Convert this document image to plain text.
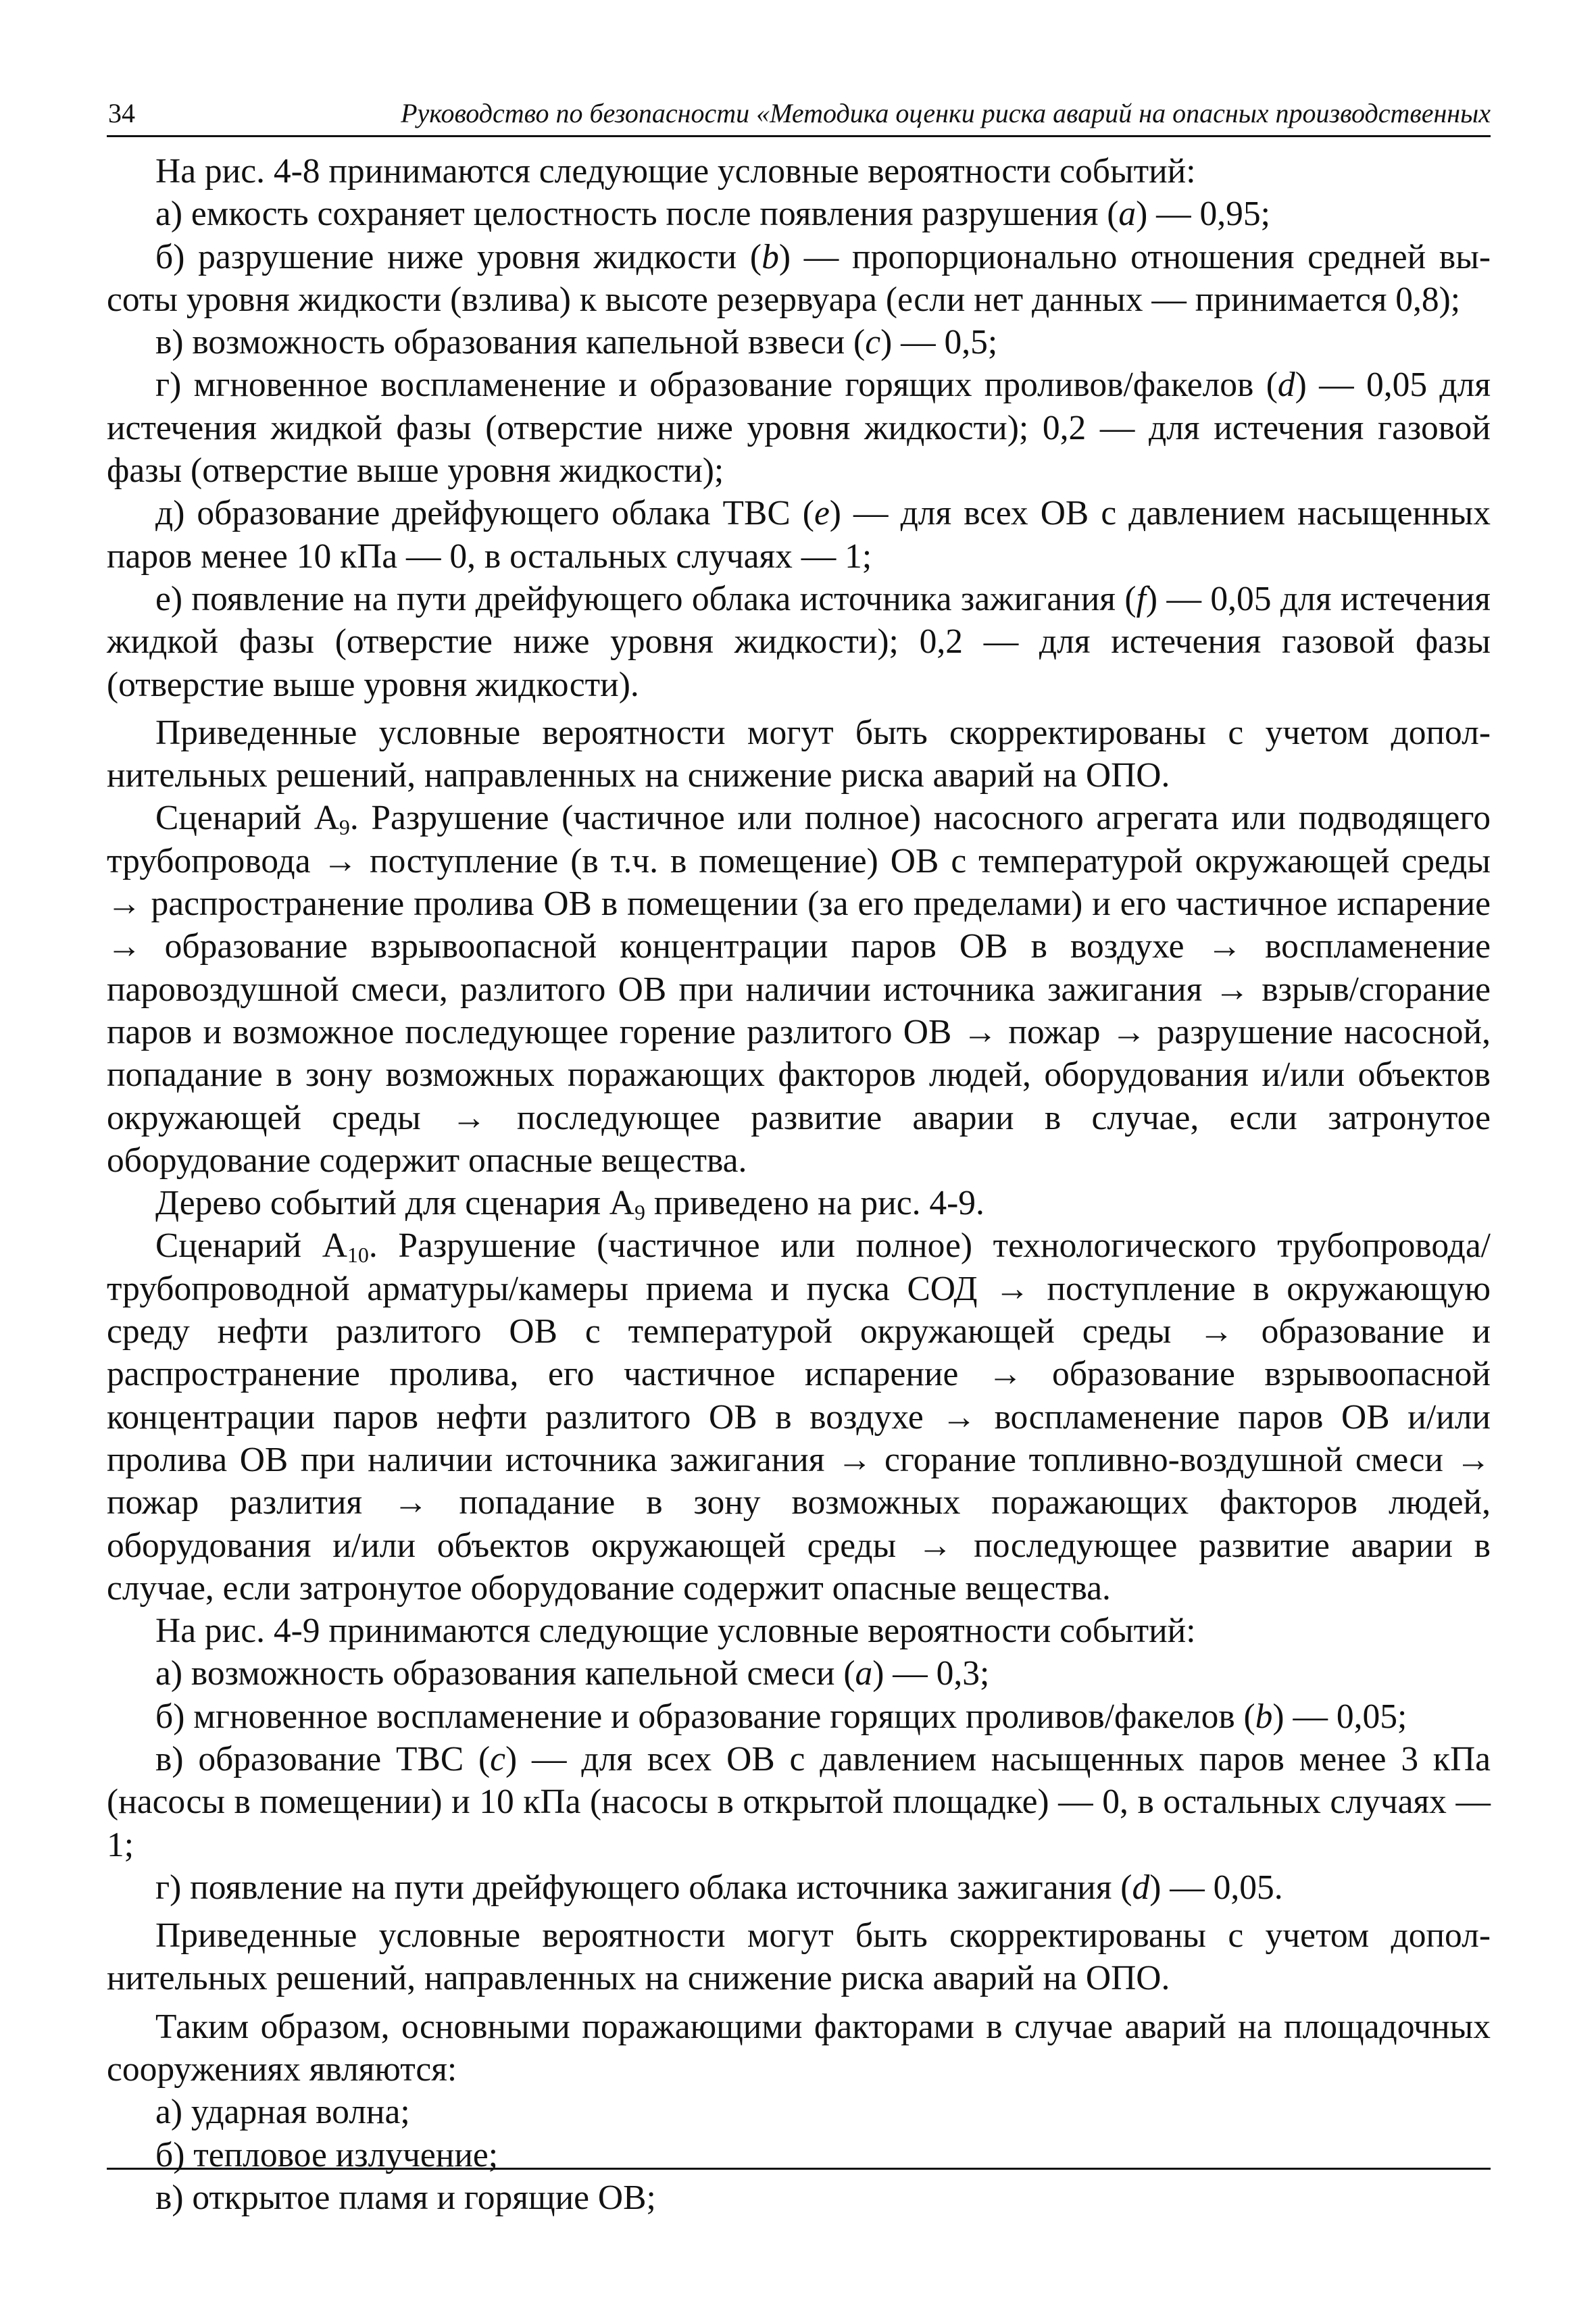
34	Руководство по безопасности «Методика оценки риска аварий на опасных производственных

На рис. 4-8 принимаются следующие условные вероятности событий:

а) емкость сохраняет целостность после появления разрушения (a) — 0,95;

б) разрушение ниже уровня жидкости (b) — пропорционально отношения средней высоты уровня жидкости (взлива) к высоте резервуара (если нет данных — принимается 0,8);

в) возможность образования капельной взвеси (c) — 0,5;

г) мгновенное воспламенение и образование горящих проливов/факелов (d) — 0,05 для истечения жидкой фазы (отверстие ниже уровня жидкости); 0,2 — для истечения газовой фазы (отверстие выше уровня жидкости);

д) образование дрейфующего облака ТВС (e) — для всех ОВ с давлением насыщенных паров менее 10 кПа — 0, в остальных случаях — 1;

е) появление на пути дрейфующего облака источника зажигания (f) — 0,05 для истечения жидкой фазы (отверстие ниже уровня жидкости); 0,2 — для истечения газовой фазы (отверстие выше уровня жидкости).

Приведенные условные вероятности могут быть скорректированы с учетом дополнительных решений, направленных на снижение риска аварий на ОПО.

Сценарий $А_9$. Разрушение (частичное или полное) насосного агрегата или подводящего трубопровода → поступление (в т.ч. в помещение) ОВ с температурой окружающей среды → распространение пролива ОВ в помещении (за его пределами) и его частичное испарение → образование взрывоопасной концентрации паров ОВ в воздухе → воспламенение паровоздушной смеси, разлитого ОВ при наличии источника зажигания → взрыв/сгорание паров и возможное последующее горение разлитого ОВ → пожар → разрушение насосной, попадание в зону возможных поражающих факторов людей, оборудования и/или объектов окружающей среды → последующее развитие аварии в случае, если затронутое оборудование содержит опасные вещества.

Дерево событий для сценария $А_9$ приведено на рис. 4-9.

Сценарий $А_{10}$. Разрушение (частичное или полное) технологического трубопровода/трубопроводной арматуры/камеры приема и пуска СОД → поступление в окружающую среду нефти разлитого ОВ с температурой окружающей среды → образование и распространение пролива, его частичное испарение → образование взрывоопасной концентрации паров нефти разлитого ОВ в воздухе → воспламенение паров ОВ и/или пролива ОВ при наличии источника зажигания → сгорание топливно-воздушной смеси → пожар разлития → попадание в зону возможных поражающих факторов людей, оборудования и/или объектов окружающей среды → последующее развитие аварии в случае, если затронутое оборудование содержит опасные вещества.

На рис. 4-9 принимаются следующие условные вероятности событий:

а) возможность образования капельной смеси (a) — 0,3;

б) мгновенное воспламенение и образование горящих проливов/факелов (b) — 0,05;

в) образование ТВС (c) — для всех ОВ с давлением насыщенных паров менее 3 кПа (насосы в помещении) и 10 кПа (насосы в открытой площадке) — 0, в остальных случаях — 1;

г) появление на пути дрейфующего облака источника зажигания (d) — 0,05.

Приведенные условные вероятности могут быть скорректированы с учетом дополнительных решений, направленных на снижение риска аварий на ОПО.

Таким образом, основными поражающими факторами в случае аварий на площадочных сооружениях являются:

а) ударная волна;

б) тепловое излучение;

в) открытое пламя и горящие ОВ;
